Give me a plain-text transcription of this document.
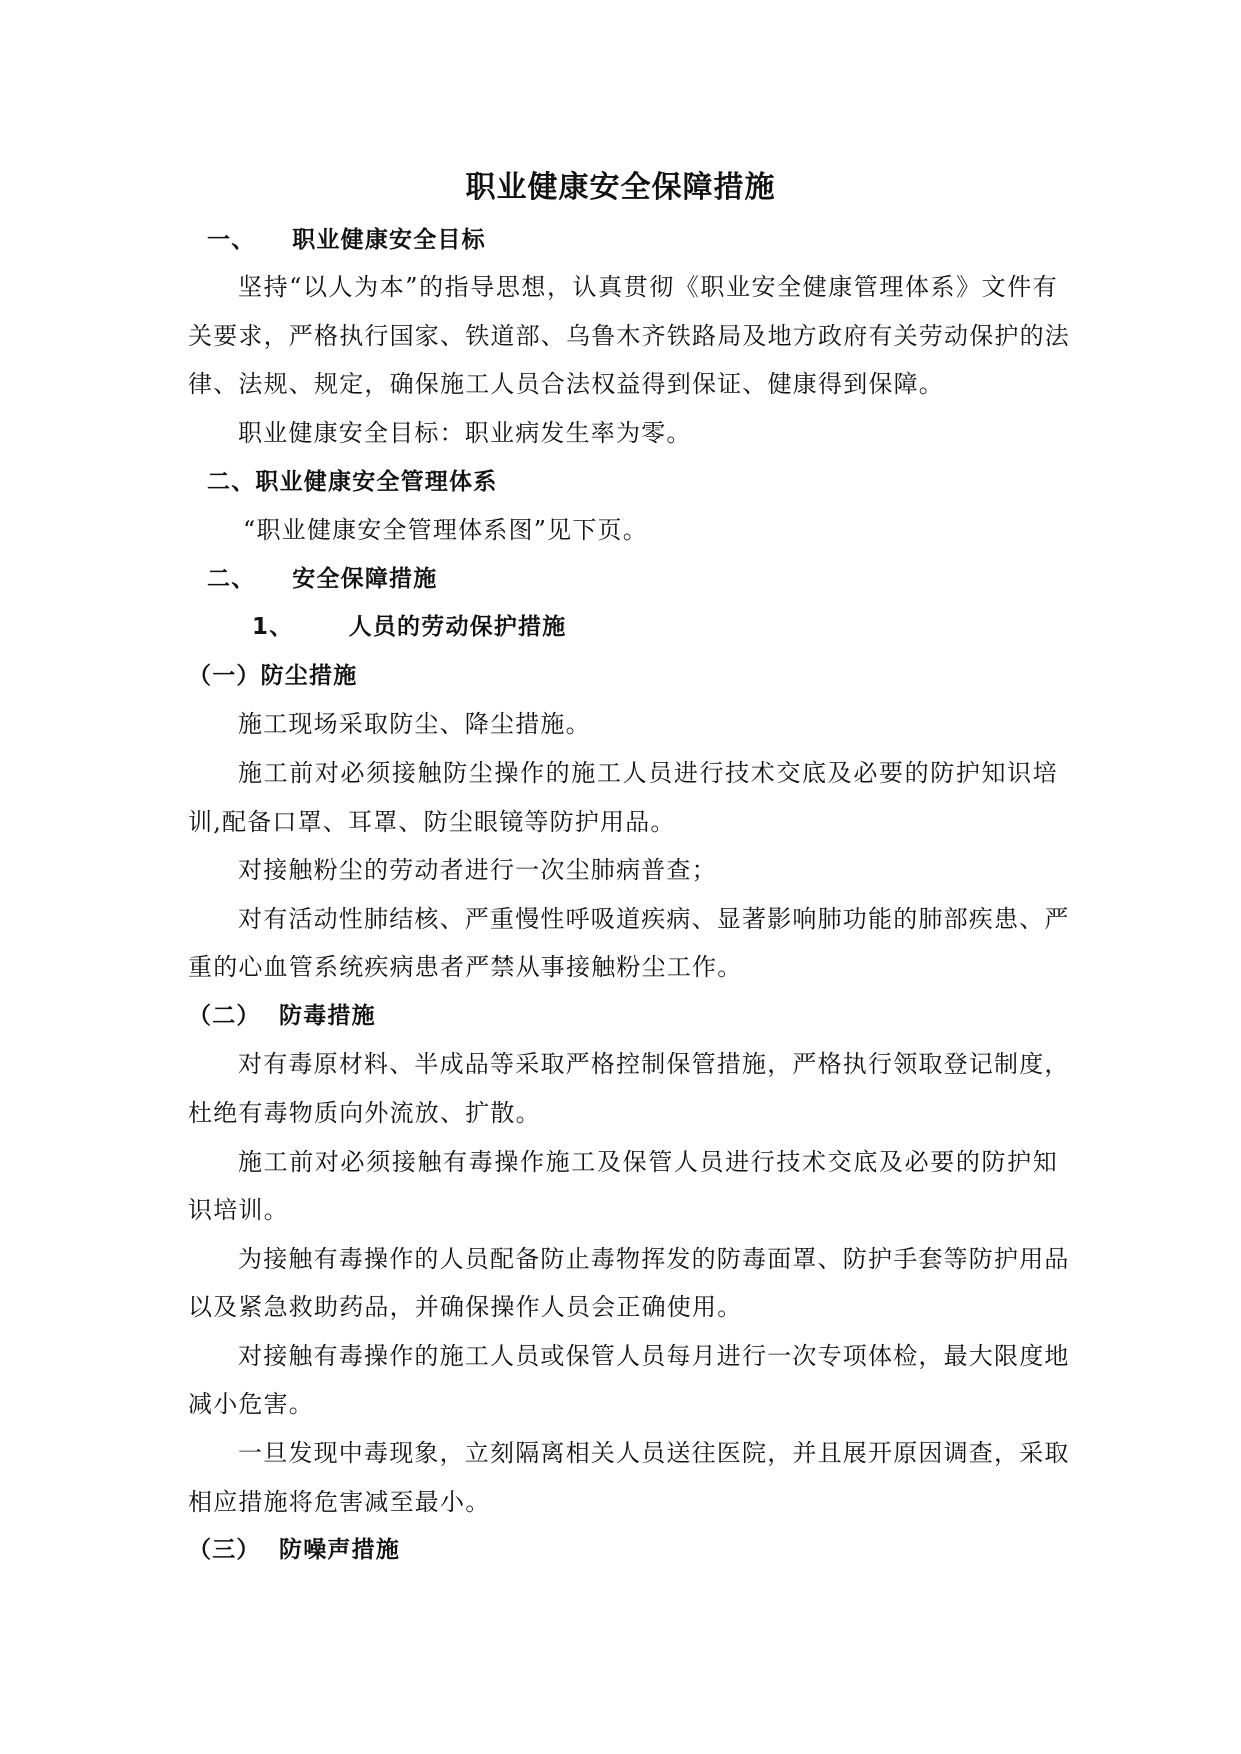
职业健康安全保障措施
一、    职业健康安全目标
坚持“以人为本”的指导思想，认真贯彻《职业安全健康管理体系》文件有
关要求，严格执行国家、铁道部、乌鲁木齐铁路局及地方政府有关劳动保护的法
律、法规、规定，确保施工人员合法权益得到保证、健康得到保障。
职业健康安全目标：职业病发生率为零。
二、职业健康安全管理体系
“职业健康安全管理体系图”见下页。
二、    安全保障措施
1、      人员的劳动保护措施
（一）防尘措施
施工现场采取防尘、降尘措施。
施工前对必须接触防尘操作的施工人员进行技术交底及必要的防护知识培
训,配备口罩、耳罩、防尘眼镜等防护用品。
对接触粉尘的劳动者进行一次尘肺病普查；
对有活动性肺结核、严重慢性呼吸道疾病、显著影响肺功能的肺部疾患、严
重的心血管系统疾病患者严禁从事接触粉尘工作。
（二）  防毒措施
对有毒原材料、半成品等采取严格控制保管措施，严格执行领取登记制度，
杜绝有毒物质向外流放、扩散。
施工前对必须接触有毒操作施工及保管人员进行技术交底及必要的防护知
识培训。
为接触有毒操作的人员配备防止毒物挥发的防毒面罩、防护手套等防护用品
以及紧急救助药品，并确保操作人员会正确使用。
对接触有毒操作的施工人员或保管人员每月进行一次专项体检，最大限度地
减小危害。
一旦发现中毒现象，立刻隔离相关人员送往医院，并且展开原因调查，采取
相应措施将危害减至最小。
（三）  防噪声措施
